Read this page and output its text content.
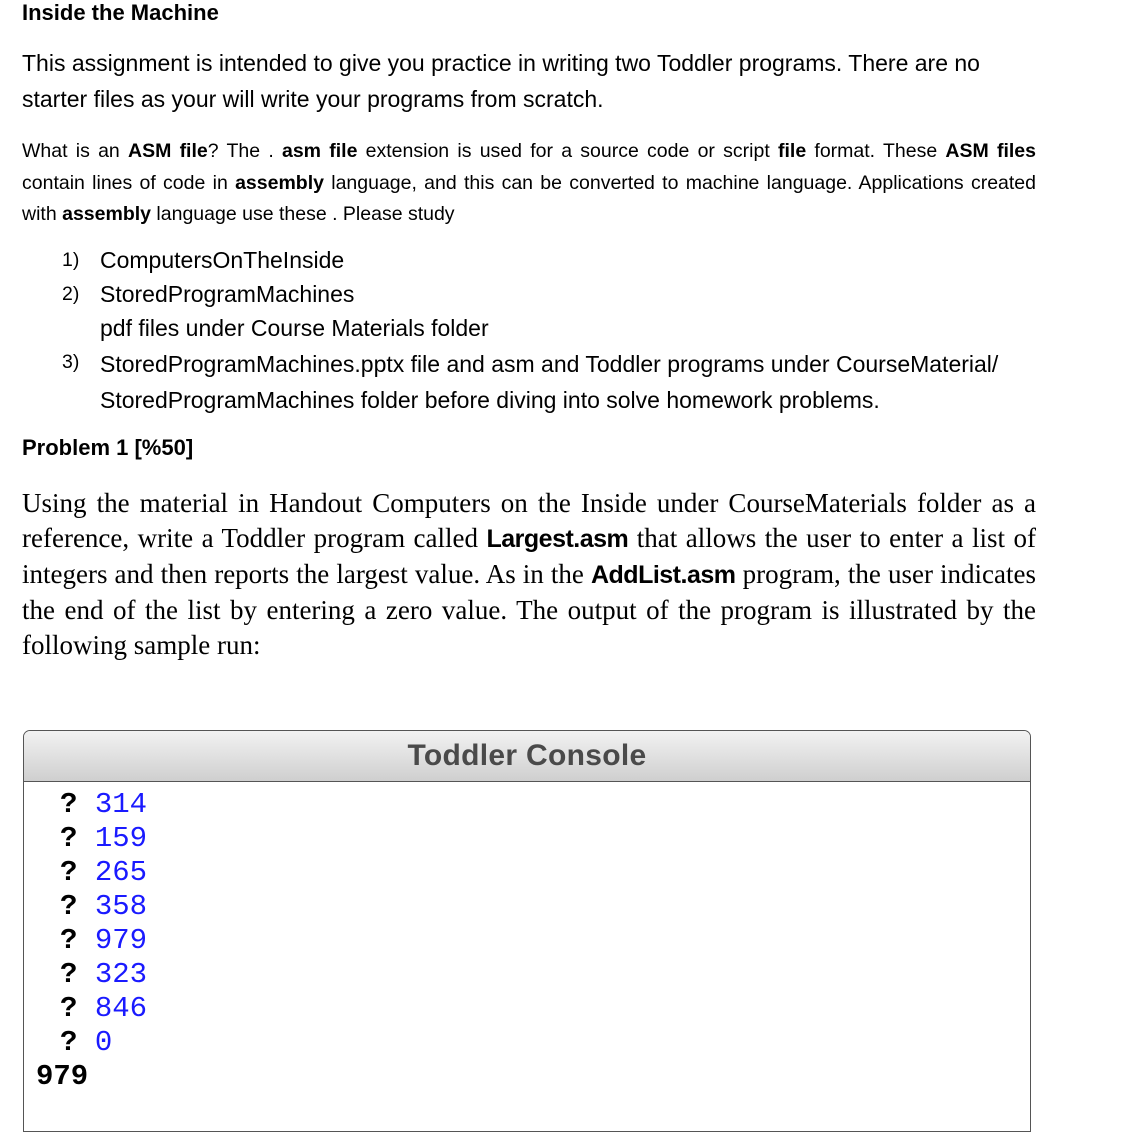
Inside the Machine
This assignment is intended to give you practice in writing two Toddler programs. There are no starter files as your will write your programs from scratch.
What is an ASM file? The . asm file extension is used for a source code or script file format. These ASM files contain lines of code in assembly language, and this can be converted to machine language. Applications created with assembly language use these . Please study
1) ComputersOnTheInside
2) StoredProgramMachines
pdf files under Course Materials folder
3) StoredProgramMachines.pptx file and asm and Toddler programs under CourseMaterial/ StoredProgramMachines folder before diving into solve homework problems.
Problem 1 [%50]
Using the material in Handout Computers on the Inside under CourseMaterials folder as a reference, write a Toddler program called Largest.asm that allows the user to enter a list of integers and then reports the largest value. As in the AddList.asm program, the user indicates the end of the list by entering a zero value. The output of the program is illustrated by the following sample run:
Toddler Console
? 314
? 159
? 265
? 358
? 979
? 323
? 846
? 0
979
